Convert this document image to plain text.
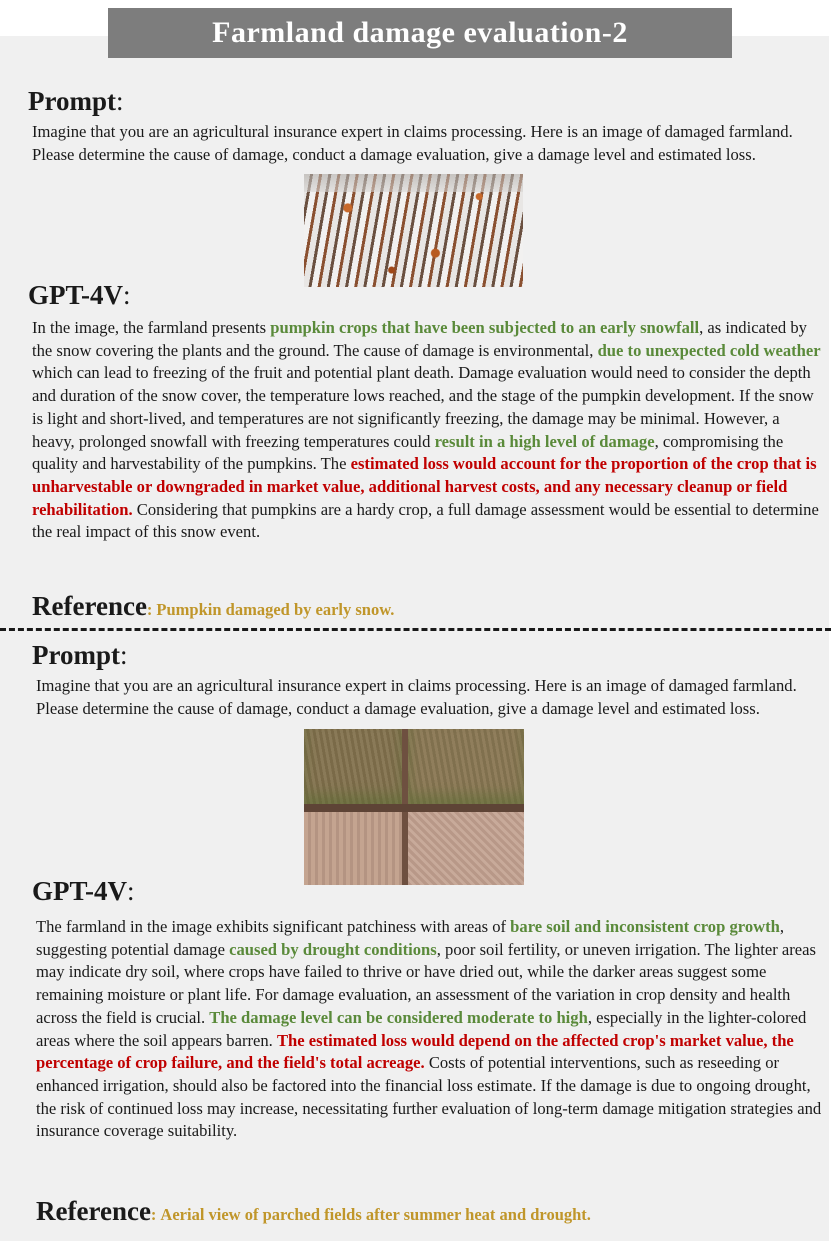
Farmland damage evaluation-2
Prompt:
Imagine that you are an agricultural insurance expert in claims processing. Here is an image of damaged farmland. Please determine the cause of damage, conduct a damage evaluation, give a damage level and estimated loss.
GPT-4V:
In the image, the farmland presents pumpkin crops that have been subjected to an early snowfall, as indicated by the snow covering the plants and the ground. The cause of damage is environmental, due to unexpected cold weather which can lead to freezing of the fruit and potential plant death. Damage evaluation would need to consider the depth and duration of the snow cover, the temperature lows reached, and the stage of the pumpkin development. If the snow is light and short-lived, and temperatures are not significantly freezing, the damage may be minimal. However, a heavy, prolonged snowfall with freezing temperatures could result in a high level of damage, compromising the quality and harvestability of the pumpkins. The estimated loss would account for the proportion of the crop that is unharvestable or downgraded in market value, additional harvest costs, and any necessary cleanup or field rehabilitation. Considering that pumpkins are a hardy crop, a full damage assessment would be essential to determine the real impact of this snow event.
Reference: Pumpkin damaged by early snow.
Prompt:
Imagine that you are an agricultural insurance expert in claims processing. Here is an image of damaged farmland. Please determine the cause of damage, conduct a damage evaluation, give a damage level and estimated loss.
GPT-4V:
The farmland in the image exhibits significant patchiness with areas of bare soil and inconsistent crop growth, suggesting potential damage caused by drought conditions, poor soil fertility, or uneven irrigation. The lighter areas may indicate dry soil, where crops have failed to thrive or have dried out, while the darker areas suggest some remaining moisture or plant life. For damage evaluation, an assessment of the variation in crop density and health across the field is crucial. The damage level can be considered moderate to high, especially in the lighter-colored areas where the soil appears barren. The estimated loss would depend on the affected crop's market value, the percentage of crop failure, and the field's total acreage. Costs of potential interventions, such as reseeding or enhanced irrigation, should also be factored into the financial loss estimate. If the damage is due to ongoing drought, the risk of continued loss may increase, necessitating further evaluation of long-term damage mitigation strategies and insurance coverage suitability.
Reference: Aerial view of parched fields after summer heat and drought.
